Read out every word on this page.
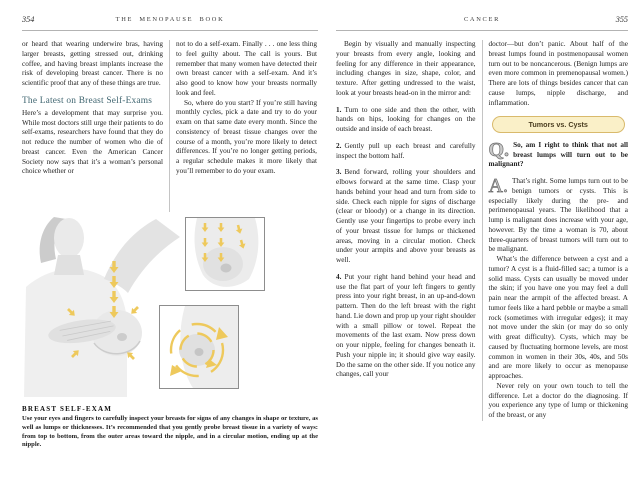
354	THE MENOPAUSE BOOK

or heard that wearing underwire bras, having larger breasts, getting stressed out, drinking coffee, and having breast implants increase the risk of developing breast cancer. There is no scientific proof that any of these things are true.

The Latest on Breast Self-Exams

Here’s a development that may surprise you. While most doctors still urge their patients to do self-exams, researchers have found that they do not reduce the number of women who die of breast cancer. Even the American Cancer Society now says that it’s a woman’s personal choice whether or

not to do a self-exam. Finally . . . one less thing to feel guilty about. The call is yours. But remember that many women have detected their own breast cancer with a self-exam. And it’s also good to know how your breasts normally look and feel.

So, where do you start? If you’re still having monthly cycles, pick a date and try to do your exam on that same date every month. Since the consistency of breast tissue changes over the course of a month, you’re more likely to detect differences. If you’re no longer getting periods, a regular schedule makes it more likely that you’ll remember to do your exam.

BREAST SELF-EXAM

Use your eyes and fingers to carefully inspect your breasts for signs of any changes in shape or texture, as well as lumps or thicknesses. It’s recommended that you gently probe breast tissue in a variety of ways: from top to bottom, from the outer areas toward the nipple, and in a circular motion, ending up at the nipple.

CANCER	355

Begin by visually and manually inspecting your breasts from every angle, looking and feeling for any difference in their appearance, including changes in size, shape, color, and texture. After getting undressed to the waist, look at your breasts head-on in the mirror and:

1. Turn to one side and then the other, with hands on hips, looking for changes on the outside and inside of each breast.
2. Gently pull up each breast and carefully inspect the bottom half.
3. Bend forward, rolling your shoulders and elbows forward at the same time. Clasp your hands behind your head and turn from side to side. Check each nipple for signs of discharge (clear or bloody) or a change in its direction. Gently use your fingertips to probe every inch of your breast tissue for lumps or thickened areas, moving in a circular motion. Check under your armpits and above your breasts as well.
4. Put your right hand behind your head and use the flat part of your left fingers to gently press into your right breast, in an up-and-down pattern. Then do the left breast with the right hand. Lie down and prop up your right shoulder with a small pillow or towel. Repeat the movements of the last exam. Now press down on your nipple, feeling for changes beneath it. Push your nipple in; it should give way easily. Do the same on the other side. If you notice any changes, call your

doctor—but don’t panic. About half of the breast lumps found in postmenopausal women turn out to be noncancerous. (Benign lumps are even more common in premenopausal women.) There are lots of things besides cancer that can cause lumps, nipple discharge, and inflammation.

Tumors vs. Cysts

Q. So, am I right to think that not all breast lumps will turn out to be malignant?

A. That’s right. Some lumps turn out to be benign tumors or cysts. This is especially likely during the pre- and perimenopausal years. The likelihood that a lump is malignant does increase with your age, however. By the time a woman is 70, about three-quarters of breast tumors will turn out to be malignant.

What’s the difference between a cyst and a tumor? A cyst is a fluid-filled sac; a tumor is a solid mass. Cysts can usually be moved under the skin; if you have one you may feel a dull pain near the armpit of the affected breast. A tumor feels like a hard pebble or maybe a small rock (sometimes with irregular edges); it may not move under the skin (or may do so only with great difficulty). Cysts, which may be caused by fluctuating hormone levels, are most common in women in their 30s, 40s, and 50s and are more likely to occur as menopause approaches.

Never rely on your own touch to tell the difference. Let a doctor do the diagnosing. If you experience any type of lump or thickening of the breast, or any
